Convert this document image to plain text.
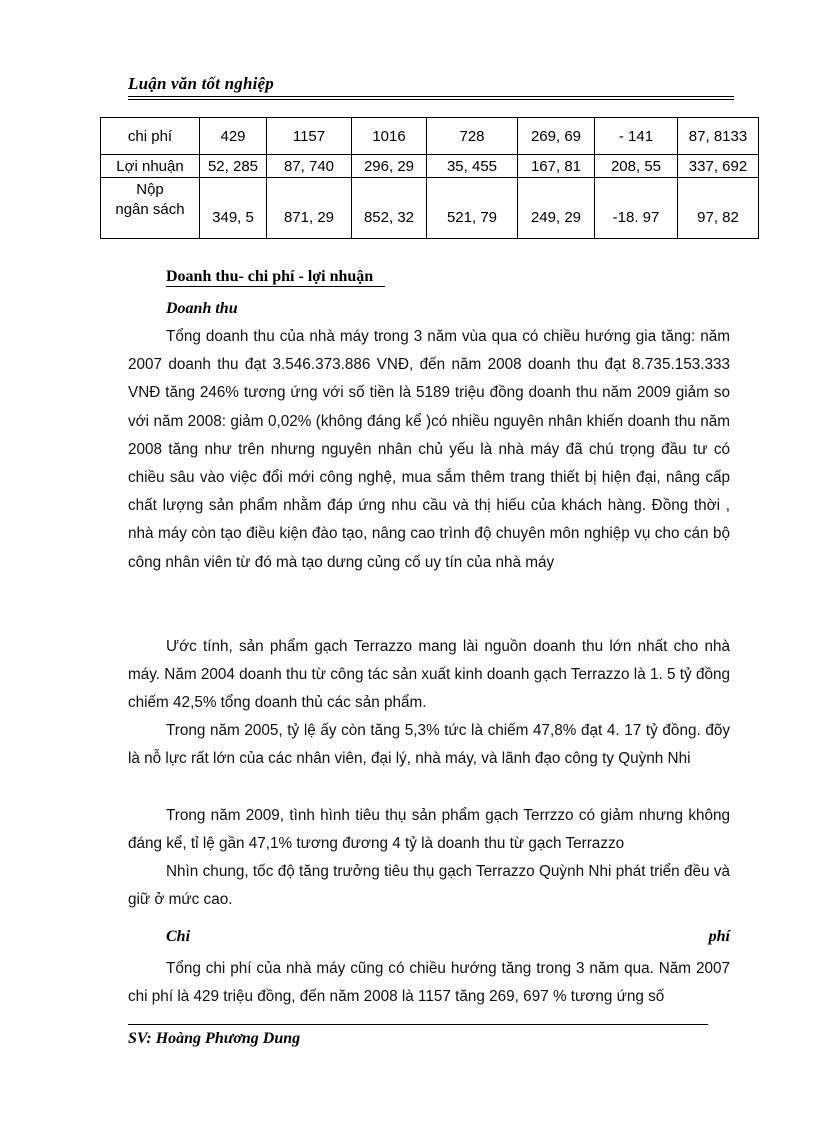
Luận văn tốt nghiệp
chi phí	429	1157	1016	728	269, 69	- 141	87, 8133
Lợi nhuận	52, 285	87, 740	296, 29	35, 455	167, 81	208, 55	337, 692

Nộp
ngân sách	349, 5	871, 29	852, 32	521, 79	249, 29	-18. 97	97, 82
Doanh thu- chi phí - lợi nhuận
Doanh thu
Tổng doanh thu của nhà máy trong 3 năm vùa qua có chiều hướng gia tăng: năm 2007 doanh thu đạt 3.546.373.886 VNĐ, đến năm 2008 doanh thu đạt 8.735.153.333 VNĐ tăng 246% tương ứng với số tiền là 5189 triệu đồng doanh thu năm 2009 giảm so với năm 2008: giảm 0,02% (không đáng kể )có nhiều nguyên nhân khiến doanh thu năm 2008 tăng như trên nhưng nguyên nhân chủ yếu là nhà máy đã chú trọng đầu tư có chiều sâu vào việc đổi mới công nghệ, mua sắm thêm trang thiết bị hiện đại, nâng cấp chất lượng sản phẩm nhằm đáp ứng nhu cầu và thị hiếu của khách hàng. Đồng thời , nhà máy còn tạo điều kiện đào tạo, nâng cao trình độ chuyên môn nghiệp vụ cho cán bộ công nhân viên từ đó mà tạo dưng củng cố uy tín của nhà máy
Ước tính, sản phẩm gạch Terrazzo mang lài nguồn doanh thu lớn nhất cho nhà máy. Năm 2004 doanh thu từ công tác sản xuất kinh doanh gạch Terrazzo là 1. 5 tỷ đồng chiếm 42,5% tổng doanh thủ các sản phẩm.
Trong năm 2005, tỷ lệ ấy còn tăng 5,3% tức là chiếm 47,8% đạt 4. 17 tỷ đồng. đõy là nỗ lực rất lớn của các nhân viên, đại lý, nhà máy, và lãnh đạo công ty Quỳnh Nhi
Trong năm 2009, tình hình tiêu thụ sản phẩm gạch Terrzzo có giảm nhưng không đáng kể, tỉ lệ gần 47,1% tương đương 4 tỷ là doanh thu từ gạch Terrazzo
Nhìn chung, tốc độ tăng trưởng tiêu thụ gạch Terrazzo Quỳnh Nhi phát triển đều và giữ ở mức cao.
Chi	phí
Tổng chi phí của nhà máy cũng có chiều hướng tăng trong 3 năm qua. Năm 2007 chi phí là 429 triệu đồng, đến năm 2008 là 1157 tăng 269, 697 % tương ứng số
SV: Hoàng Phương Dung
